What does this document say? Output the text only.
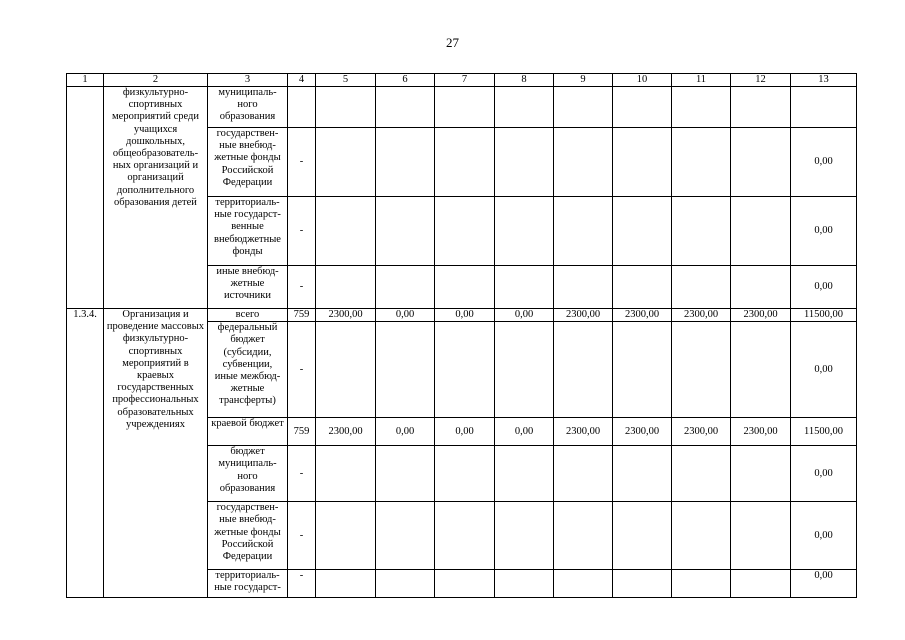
27
1	2	3	4	5	6	7	8	9	10	11	12	13
	физкультурно-спортивных мероприятий среди учащихся дошкольных, общеобразователь-ных организаций и организаций дополнительного образования детей	муниципаль-ного образования										
		государствен-ные внебюд-жетные фонды Российской Федерации	-									0,00
		территориаль-ные государст-венные внебюджетные фонды	-									0,00
		иные внебюд-жетные источники	-									0,00
1.3.4.	Организация и проведение массовых физкультурно-спортивных мероприятий в краевых государственных профессиональных образовательных учреждениях	всего	759	2300,00	0,00	0,00	0,00	2300,00	2300,00	2300,00	2300,00	11500,00
		федеральный бюджет (субсидии, субвенции, иные межбюд-жетные трансферты)	-									0,00
		краевой бюджет	759	2300,00	0,00	0,00	0,00	2300,00	2300,00	2300,00	2300,00	11500,00
		бюджет муниципаль-ного образования	-									0,00
		государствен-ные внебюд-жетные фонды Российской Федерации	-									0,00
		территориаль-ные государст-	-									0,00
